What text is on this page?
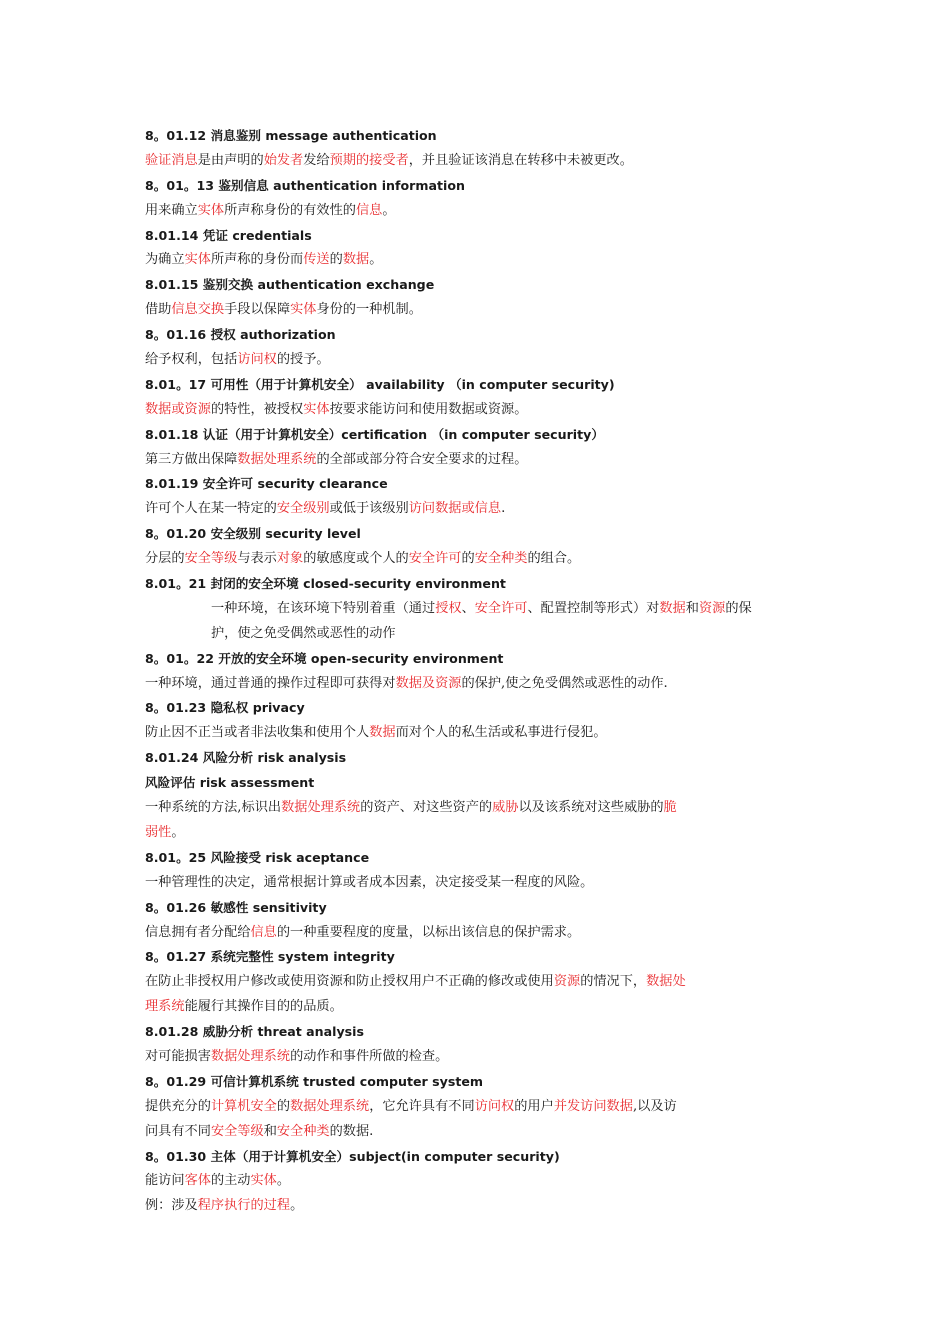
8。01.12 消息鉴别 message authentication
验证消息是由声明的始发者发给预期的接受者，并且验证该消息在转移中未被更改。
8。01。13 鉴别信息 authentication information
用来确立实体所声称身份的有效性的信息。
8.01.14 凭证 credentials
为确立实体所声称的身份而传送的数据。
8.01.15 鉴别交换 authentication exchange
借助信息交换手段以保障实体身份的一种机制。
8。01.16 授权 authorization
给予权利，包括访问权的授予。
8.01。17 可用性（用于计算机安全） availability （in computer security)
数据或资源的特性，被授权实体按要求能访问和使用数据或资源。
8.01.18 认证（用于计算机安全）certification （in computer security）
第三方做出保障数据处理系统的全部或部分符合安全要求的过程。
8.01.19 安全许可 security clearance
许可个人在某一特定的安全级别或低于该级别访问数据或信息.
8。01.20 安全级别 security level
分层的安全等级与表示对象的敏感度或个人的安全许可的安全种类的组合。
8.01。21 封闭的安全环境 closed-security environment
一种环境，在该环境下特别着重（通过授权、安全许可、配置控制等形式）对数据和资源的保
护，使之免受偶然或恶性的动作
8。01。22 开放的安全环境 open-security environment
一种环境，通过普通的操作过程即可获得对数据及资源的保护,使之免受偶然或恶性的动作.
8。01.23 隐私权 privacy
防止因不正当或者非法收集和使用个人数据而对个人的私生活或私事进行侵犯。
8.01.24 风险分析 risk analysis
风险评估 risk assessment
一种系统的方法,标识出数据处理系统的资产、对这些资产的威胁以及该系统对这些威胁的脆
弱性。
8.01。25 风险接受 risk aceptance
一种管理性的决定，通常根据计算或者成本因素，决定接受某一程度的风险。
8。01.26 敏感性 sensitivity
信息拥有者分配给信息的一种重要程度的度量，以标出该信息的保护需求。
8。01.27 系统完整性 system integrity
在防止非授权用户修改或使用资源和防止授权用户不正确的修改或使用资源的情况下，数据处
理系统能履行其操作目的的品质。
8.01.28 威胁分析 threat analysis
对可能损害数据处理系统的动作和事件所做的检查。
8。01.29 可信计算机系统 trusted computer system
提供充分的计算机安全的数据处理系统，它允许具有不同访问权的用户并发访问数据,以及访
问具有不同安全等级和安全种类的数据.
8。01.30 主体（用于计算机安全）subject(in computer security)
能访问客体的主动实体。
例：涉及程序执行的过程。
